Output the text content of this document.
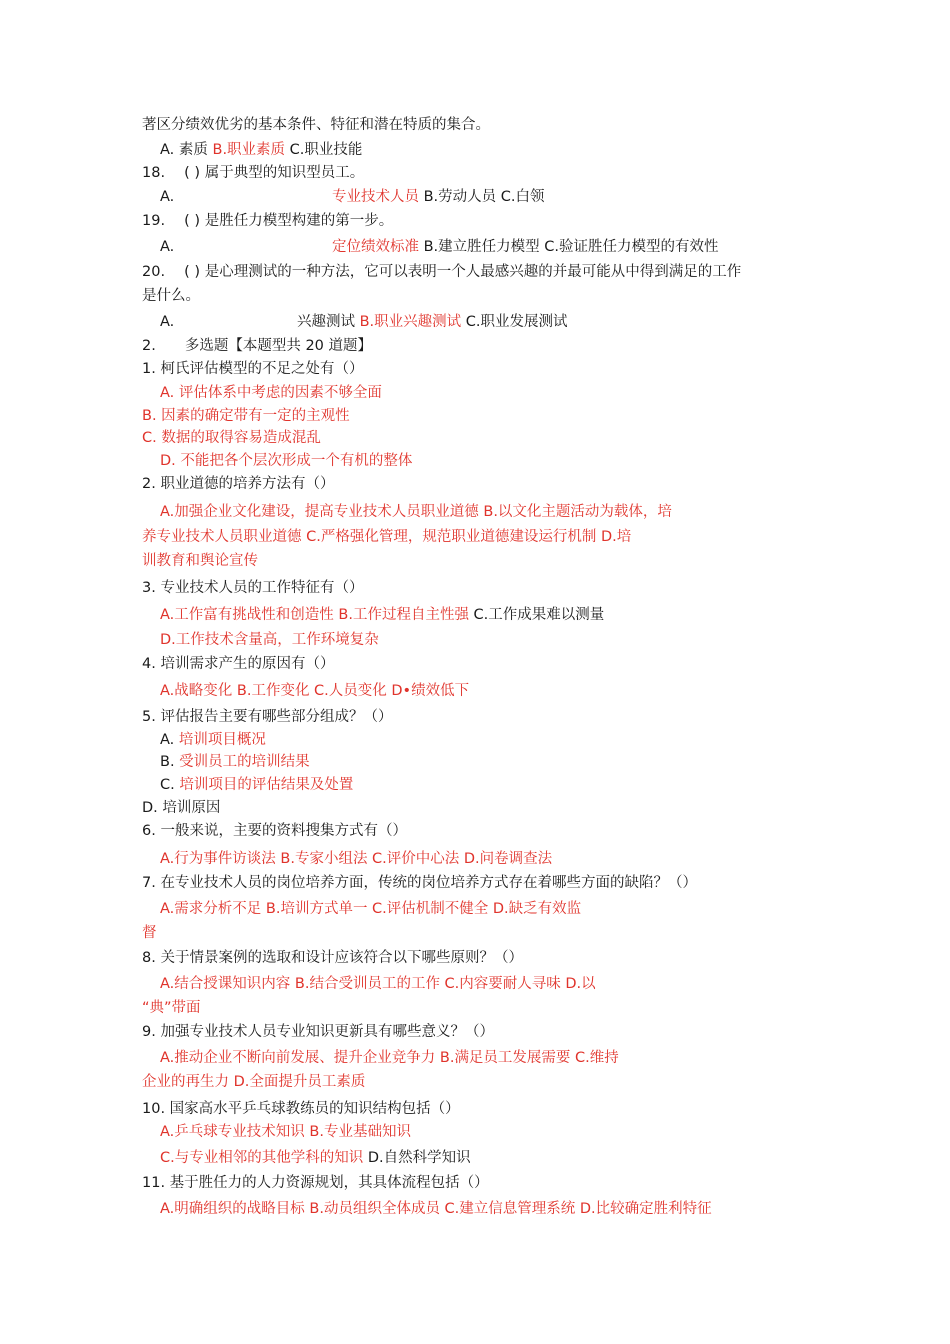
著区分绩效优劣的基本条件、特征和潜在特质的集合。
A. 素质 B.职业素质 C.职业技能
18.　 ( ) 属于典型的知识型员工。
A.	专业技术人员 B.劳动人员 C.白领
19.　 ( ) 是胜任力模型构建的第一步。
A.	定位绩效标准 B.建立胜任力模型 C.验证胜任力模型的有效性
20.　 ( ) 是心理测试的一种方法，它可以表明一个人最感兴趣的并最可能从中得到满足的工作
是什么。
A.	兴趣测试 B.职业兴趣测试 C.职业发展测试
2.　　多选题【本题型共 20 道题】
1. 柯氏评估模型的不足之处有（）
A. 评估体系中考虑的因素不够全面
B. 因素的确定带有一定的主观性
C. 数据的取得容易造成混乱
D. 不能把各个层次形成一个有机的整体
2. 职业道德的培养方法有（）
A.加强企业文化建设，提高专业技术人员职业道德 B.以文化主题活动为载体，培
养专业技术人员职业道德 C.严格强化管理，规范职业道德建设运行机制 D.培
训教育和舆论宣传
3. 专业技术人员的工作特征有（）
A.工作富有挑战性和创造性 B.工作过程自主性强 C.工作成果难以测量
D.工作技术含量高，工作环境复杂
4. 培训需求产生的原因有（）
A.战略变化 B.工作变化 C.人员变化 D•绩效低下
5. 评估报告主要有哪些部分组成？（）
A. 培训项目概况
B. 受训员工的培训结果
C. 培训项目的评估结果及处置
D. 培训原因
6. 一般来说，主要的资料搜集方式有（）
A.行为事件访谈法 B.专家小组法 C.评价中心法 D.问卷调查法
7. 在专业技术人员的岗位培养方面，传统的岗位培养方式存在着哪些方面的缺陷？（）
A.需求分析不足 B.培训方式单一 C.评估机制不健全 D.缺乏有效监
督
8. 关于情景案例的选取和设计应该符合以下哪些原则？（）
A.结合授课知识内容 B.结合受训员工的工作 C.内容要耐人寻味 D.以
“典”带面
9. 加强专业技术人员专业知识更新具有哪些意义？（）
A.推动企业不断向前发展、提升企业竞争力 B.满足员工发展需要 C.维持
企业的再生力 D.全面提升员工素质
10. 国家高水平乒乓球教练员的知识结构包括（）
A.乒乓球专业技术知识 B.专业基础知识
C.与专业相邻的其他学科的知识 D.自然科学知识
11. 基于胜任力的人力资源规划，其具体流程包括（）
A.明确组织的战略目标 B.动员组织全体成员 C.建立信息管理系统 D.比较确定胜利特征
